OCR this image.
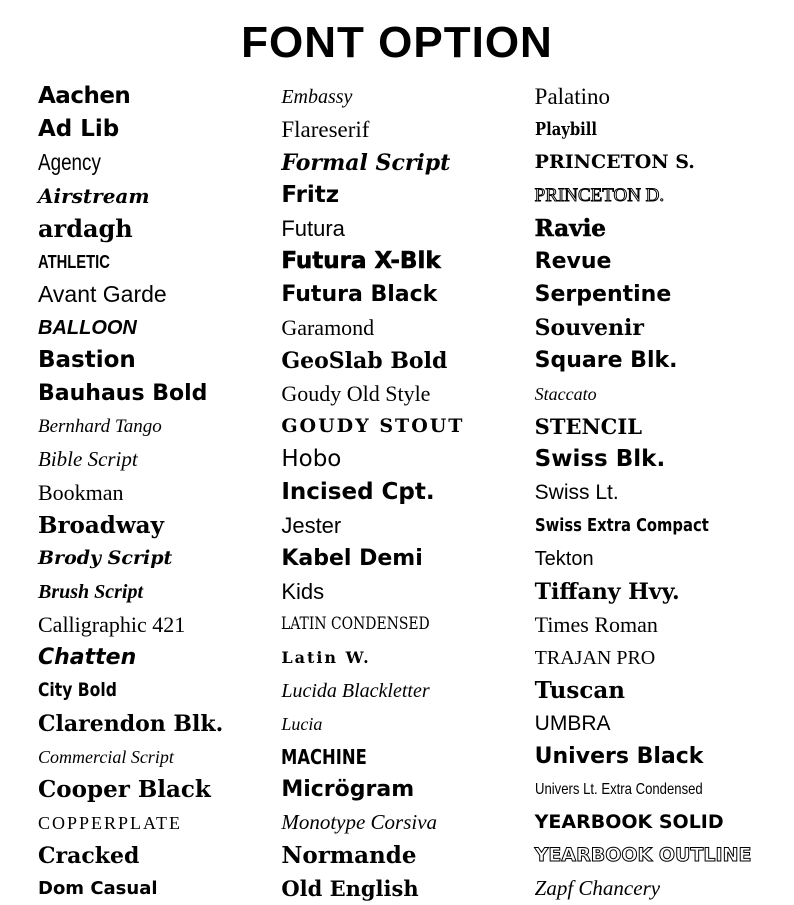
FONT OPTION
Aachen
Ad Lib
Agency
Airstream
ardagh
ATHLETIC
Avant Garde
BALLOON
Bastion
Bauhaus Bold
Bernhard Tango
Bible Script
Bookman
Broadway
Brody Script
Brush Script
Calligraphic 421
Chatten
City Bold
Clarendon Blk.
Commercial Script
Cooper Black
COPPERPLATE
Cracked
Dom Casual
Embassy
Flareserif
Formal Script
Fritz
Futura
Futura X-Blk
Futura Black
Garamond
GeoSlab Bold
Goudy Old Style
GOUDY STOUT
Hobo
Incised Cpt.
Jester
Kabel Demi
Kids
LATIN CONDENSED
Latin W.
Lucida Blackletter
Lucia
MACHINE
Micrögram
Monotype Corsiva
Normande
Old English
Palatino
Playbill
PRINCETON S.
PRINCETON D.
Ravie
Revue
Serpentine
Souvenir
Square Blk.
Staccato
STENCIL
Swiss Blk.
Swiss Lt.
Swiss Extra Compact
Tekton
Tiffany Hvy.
Times Roman
TRAJAN PRO
Tuscan
UMBRA
Univers Black
Univers Lt. Extra Condensed
YEARBOOK SOLID
YEARBOOK OUTLINE
Zapf Chancery
